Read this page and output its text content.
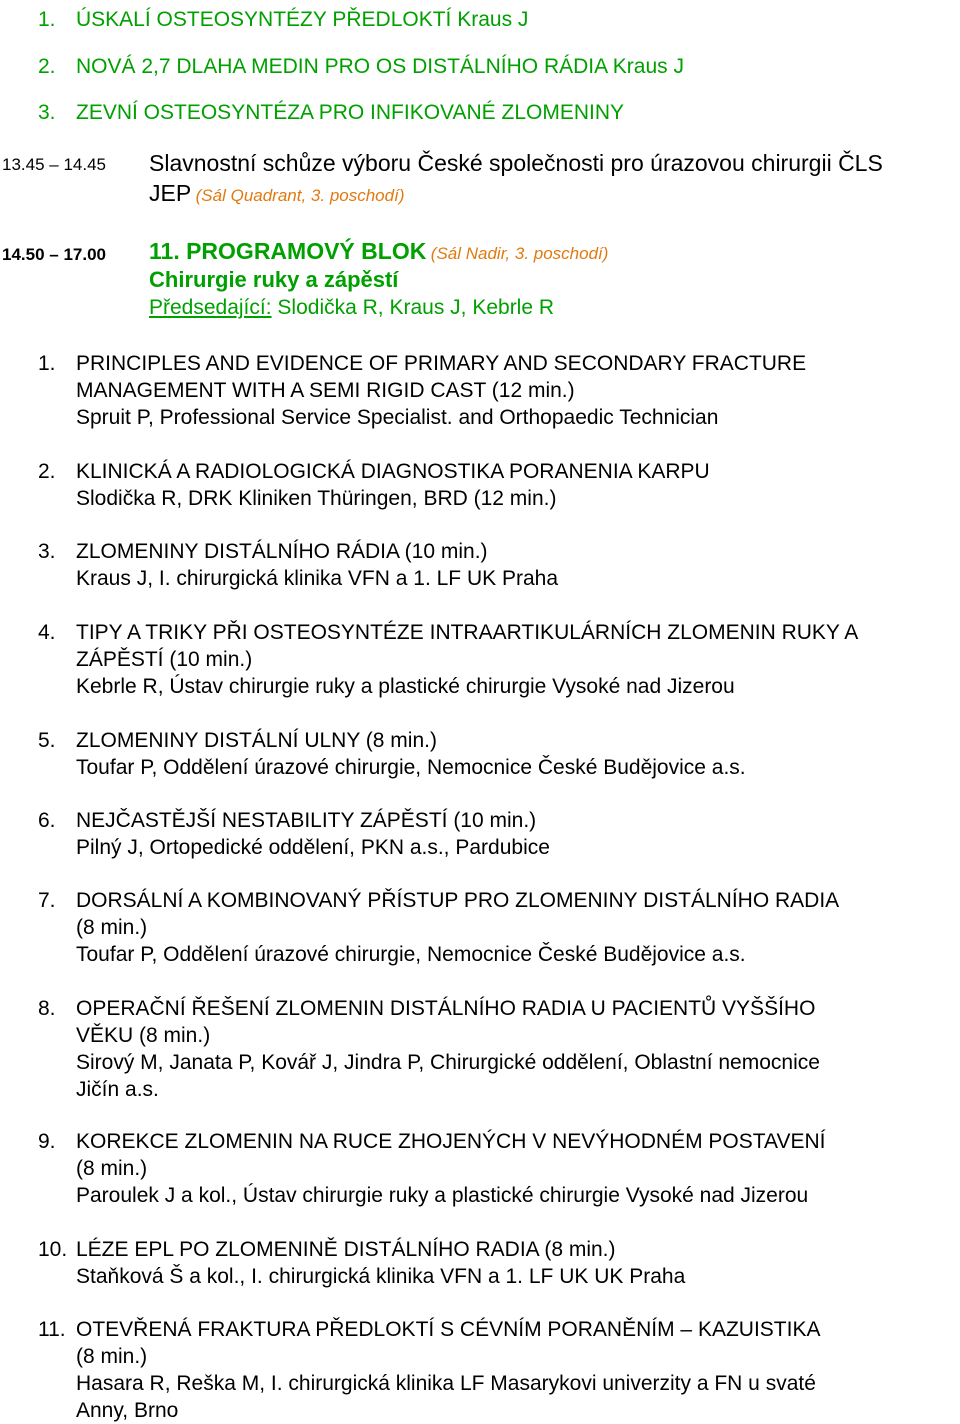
1. ÚSKALÍ OSTEOSYNTÉZY PŘEDLOKTÍ Kraus J
2. NOVÁ 2,7 DLAHA MEDIN PRO OS DISTÁLNÍHO RÁDIA Kraus J
3. ZEVNÍ OSTEOSYNTÉZA PRO INFIKOVANÉ ZLOMENINY
13.45 – 14.45 Slavnostní schůze výboru České společnosti pro úrazovou chirurgii ČLS
JEP (Sál Quadrant, 3. poschodí)
14.50 – 17.00 11. PROGRAMOVÝ BLOK (Sál Nadir, 3. poschodí)
Chirurgie ruky a zápěstí
Předsedající: Slodička R, Kraus J, Kebrle R
1. PRINCIPLES AND EVIDENCE OF PRIMARY AND SECONDARY FRACTURE
MANAGEMENT WITH A SEMI RIGID CAST (12 min.)
Spruit P, Professional Service Specialist. and Orthopaedic Technician
2. KLINICKÁ A RADIOLOGICKÁ DIAGNOSTIKA PORANENIA KARPU
Slodička R, DRK Kliniken Thüringen, BRD (12 min.)
3. ZLOMENINY DISTÁLNÍHO RÁDIA (10 min.)
Kraus J, I. chirurgická klinika VFN a 1. LF UK Praha
4. TIPY A TRIKY PŘI OSTEOSYNTÉZE INTRAARTIKULÁRNÍCH ZLOMENIN RUKY A
ZÁPĚSTÍ (10 min.)
Kebrle R, Ústav chirurgie ruky a plastické chirurgie Vysoké nad Jizerou
5. ZLOMENINY DISTÁLNÍ ULNY (8 min.)
Toufar P, Oddělení úrazové chirurgie, Nemocnice České Budějovice a.s.
6. NEJČASTĚJŠÍ NESTABILITY ZÁPĚSTÍ (10 min.)
Pilný J, Ortopedické oddělení, PKN a.s., Pardubice
7. DORSÁLNÍ A KOMBINOVANÝ PŘÍSTUP PRO ZLOMENINY DISTÁLNÍHO RADIA
(8 min.)
Toufar P, Oddělení úrazové chirurgie, Nemocnice České Budějovice a.s.
8. OPERAČNÍ ŘEŠENÍ ZLOMENIN DISTÁLNÍHO RADIA U PACIENTŮ VYŠŠÍHO
VĚKU (8 min.)
Sirový M, Janata P, Kovář J, Jindra P, Chirurgické oddělení, Oblastní nemocnice
Jičín a.s.
9. KOREKCE ZLOMENIN NA RUCE ZHOJENÝCH V NEVÝHODNÉM POSTAVENÍ
(8 min.)
Paroulek J a kol., Ústav chirurgie ruky a plastické chirurgie Vysoké nad Jizerou
10. LÉZE EPL PO ZLOMENINĚ DISTÁLNÍHO RADIA (8 min.)
Staňková Š a kol., I. chirurgická klinika VFN a 1. LF UK UK Praha
11. OTEVŘENÁ FRAKTURA PŘEDLOKTÍ S CÉVNÍM PORANĚNÍM – KAZUISTIKA
(8 min.)
Hasara R, Reška M, I. chirurgická klinika LF Masarykovi univerzity a FN u svaté
Anny, Brno
